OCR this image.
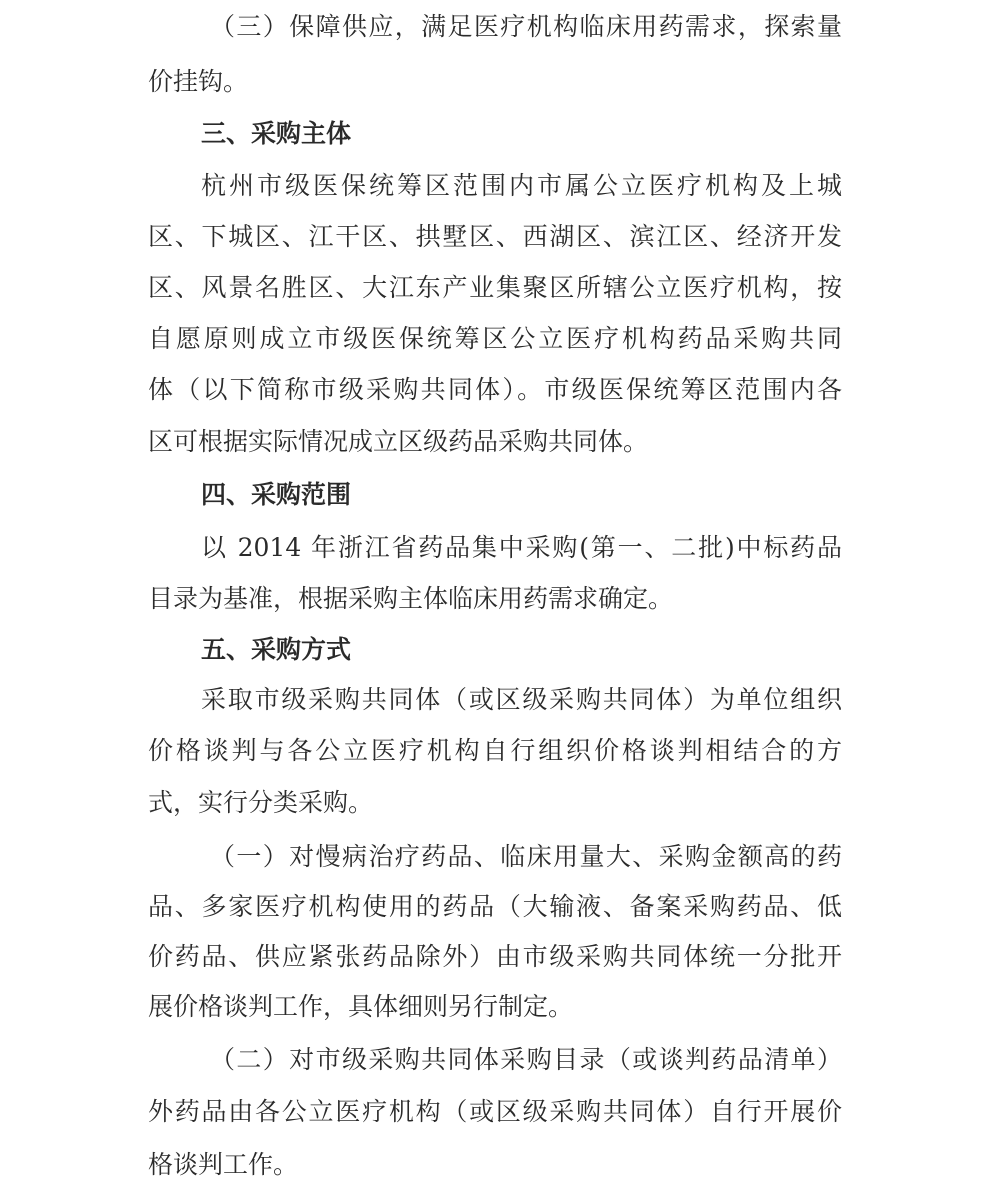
（三）保障供应，满足医疗机构临床用药需求，探索量
价挂钩。
三、采购主体
杭州市级医保统筹区范围内市属公立医疗机构及上城
区、下城区、江干区、拱墅区、西湖区、滨江区、经济开发
区、风景名胜区、大江东产业集聚区所辖公立医疗机构，按
自愿原则成立市级医保统筹区公立医疗机构药品采购共同
体（以下简称市级采购共同体）。市级医保统筹区范围内各
区可根据实际情况成立区级药品采购共同体。
四、采购范围
以 2014 年浙江省药品集中采购(第一、二批)中标药品
目录为基准，根据采购主体临床用药需求确定。
五、采购方式
采取市级采购共同体（或区级采购共同体）为单位组织
价格谈判与各公立医疗机构自行组织价格谈判相结合的方
式，实行分类采购。
（一）对慢病治疗药品、临床用量大、采购金额高的药
品、多家医疗机构使用的药品（大输液、备案采购药品、低
价药品、供应紧张药品除外）由市级采购共同体统一分批开
展价格谈判工作，具体细则另行制定。
（二）对市级采购共同体采购目录（或谈判药品清单）
外药品由各公立医疗机构（或区级采购共同体）自行开展价
格谈判工作。
